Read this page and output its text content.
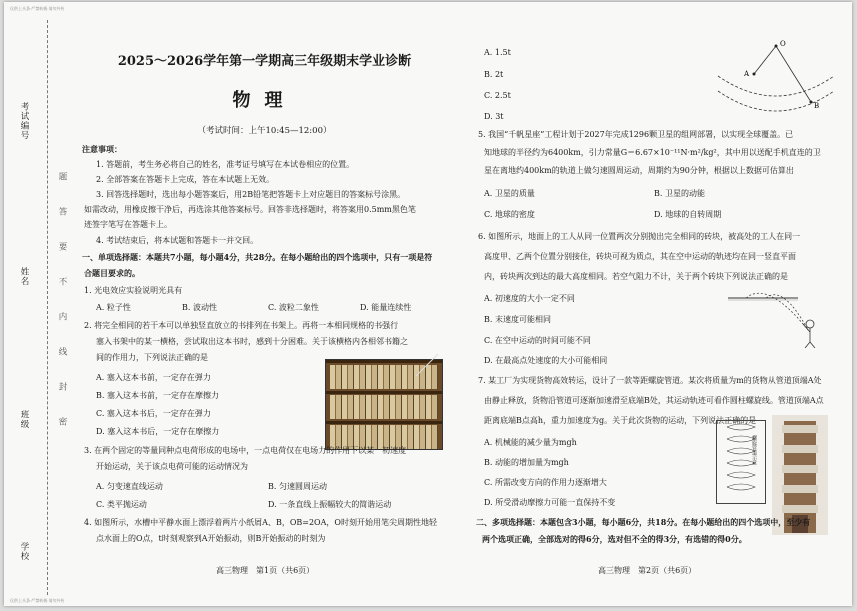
仅供上头条·严禁转载·请勿外传
仅供上头条·严禁转载·请勿外传
考试编号
姓名
班级
学校
题
答
要
不
内
线
封
密
2025～2026学年第一学期高三年级期末学业诊断
物理
（考试时间：上午10:45—12:00）
注意事项：
1. 答题前，考生务必将自己的姓名，准考证号填写在本试卷相应的位置。
2. 全部答案在答题卡上完成，答在本试题上无效。
3. 回答选择题时，选出每小题答案后，用2B铅笔把答题卡上对应题目的答案标号涂黑。
如需改动，用橡皮擦干净后，再选涂其他答案标号。回答非选择题时，将答案用0.5mm黑色笔
迹签字笔写在答题卡上。
4. 考试结束后，将本试题和答题卡一并交回。
一、单项选择题：本题共7小题，每小题4分，共28分。在每小题给出的四个选项中，只有一项是符
合题目要求的。
1. 光电效应实验说明光具有
A. 粒子性	B. 波动性	C. 波粒二象性	D. 能量连续性
2. 将完全相同的若干本可以单独竖直放立的书排列在书架上。再将一本相同规格的书强行
塞入书架中的某一横格，尝试取出这本书时，感到十分困难。关于该横格内各相邻书籍之
间的作用力，下列说法正确的是
A. 塞入这本书前，一定存在弹力
B. 塞入这本书前，一定存在摩擦力
C. 塞入这本书后，一定存在弹力
D. 塞入这本书后，一定存在摩擦力
3. 在两个固定的等量同种点电荷形成的电场中，一点电荷仅在电场力的作用下以某一初速度
开始运动，关于该点电荷可能的运动情况为
A. 匀变速直线运动	B. 匀速圆周运动
C. 类平抛运动	D. 一条直线上振幅较大的简谐运动
4. 如图所示，水槽中平静水面上漂浮着两片小纸屑A、B，OB=2OA，O时刻开始用笔尖周期性地轻
点水面上的O点，t时刻观察到A开始振动，则B开始振动的时刻为
高三物理　第1页（共6页）
A. 1.5t
B. 2t
C. 2.5t
D. 3t
O
A
B
5. 我国“千帆星座”工程计划于2027年完成1296颗卫星的组网部署，以实现全球覆盖。已
知地球的半径约为6400km，引力常量G＝6.67×10⁻¹¹N·m²/kg²，其中用以送配手机直连的卫
星在离地约400km的轨道上做匀速圆周运动，周期约为90分钟，根据以上数据可估算出
A. 卫星的质量	B. 卫星的动能
C. 地球的密度	D. 地球的自转周期
6. 如图所示，地面上的工人从同一位置两次分别抛出完全相同的砖块，被高处的工人在同一
高度甲、乙两个位置分别接住，砖块可视为质点，其在空中运动的轨迹均在同一竖直平面
内，砖块两次到达的最大高度相同。若空气阻力不计，关于两个砖块下列说法正确的是
A. 初速度的大小一定不同
B. 末速度可能相同
C. 在空中运动的时间可能不同
D. 在最高点处速度的大小可能相同
7. 某工厂为实现货物高效转运，设计了一款等距螺旋管道。某次将质量为m的货物从管道顶端A处
由静止释放，货物沿管道可逐渐加速滑至底端B处，其运动轨迹可看作圆柱螺旋线。管道顶端A点
距离底端B点高h，重力加速度为g。关于此次货物的运动，下列说法正确的是
A. 机械能的减少量为mgh
B. 动能的增加量为mgh
C. 所需改变方向的作用力逐渐增大
D. 所受滑动摩擦力可能一直保持不变
螺旋管道示意
二、多项选择题：本题包含3小题，每小题6分，共18分。在每小题给出的四个选项中，至少有
两个选项正确，全部选对的得6分，选对但不全的得3分，有选错的得0分。
高三物理　第2页（共6页）
